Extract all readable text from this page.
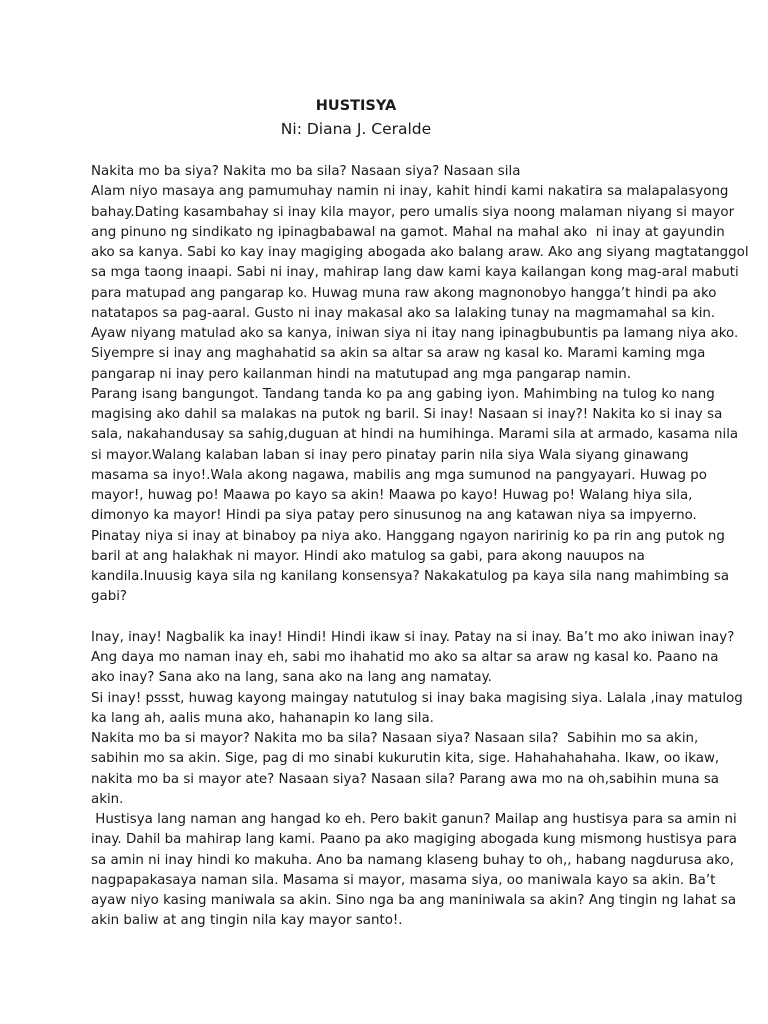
HUSTISYA
Ni: Diana J. Ceralde
Nakita mo ba siya? Nakita mo ba sila? Nasaan siya? Nasaan sila
Alam niyo masaya ang pamumuhay namin ni inay, kahit hindi kami nakatira sa malapalasyong
bahay.Dating kasambahay si inay kila mayor, pero umalis siya noong malaman niyang si mayor
ang pinuno ng sindikato ng ipinagbabawal na gamot. Mahal na mahal ako  ni inay at gayundin
ako sa kanya. Sabi ko kay inay magiging abogada ako balang araw. Ako ang siyang magtatanggol
sa mga taong inaapi. Sabi ni inay, mahirap lang daw kami kaya kailangan kong mag-aral mabuti
para matupad ang pangarap ko. Huwag muna raw akong magnonobyo hangga’t hindi pa ako
natatapos sa pag-aaral. Gusto ni inay makasal ako sa lalaking tunay na magmamahal sa kin.
Ayaw niyang matulad ako sa kanya, iniwan siya ni itay nang ipinagbubuntis pa lamang niya ako.
Siyempre si inay ang maghahatid sa akin sa altar sa araw ng kasal ko. Marami kaming mga
pangarap ni inay pero kailanman hindi na matutupad ang mga pangarap namin.
Parang isang bangungot. Tandang tanda ko pa ang gabing iyon. Mahimbing na tulog ko nang
magising ako dahil sa malakas na putok ng baril. Si inay! Nasaan si inay?! Nakita ko si inay sa
sala, nakahandusay sa sahig,duguan at hindi na humihinga. Marami sila at armado, kasama nila
si mayor.Walang kalaban laban si inay pero pinatay parin nila siya Wala siyang ginawang
masama sa inyo!.Wala akong nagawa, mabilis ang mga sumunod na pangyayari. Huwag po
mayor!, huwag po! Maawa po kayo sa akin! Maawa po kayo! Huwag po! Walang hiya sila,
dimonyo ka mayor! Hindi pa siya patay pero sinusunog na ang katawan niya sa impyerno.
Pinatay niya si inay at binaboy pa niya ako. Hanggang ngayon naririnig ko pa rin ang putok ng
baril at ang halakhak ni mayor. Hindi ako matulog sa gabi, para akong nauupos na
kandila.Inuusig kaya sila ng kanilang konsensya? Nakakatulog pa kaya sila nang mahimbing sa
gabi?
Inay, inay! Nagbalik ka inay! Hindi! Hindi ikaw si inay. Patay na si inay. Ba’t mo ako iniwan inay?
Ang daya mo naman inay eh, sabi mo ihahatid mo ako sa altar sa araw ng kasal ko. Paano na
ako inay? Sana ako na lang, sana ako na lang ang namatay.
Si inay! pssst, huwag kayong maingay natutulog si inay baka magising siya. Lalala ,inay matulog
ka lang ah, aalis muna ako, hahanapin ko lang sila.
Nakita mo ba si mayor? Nakita mo ba sila? Nasaan siya? Nasaan sila?  Sabihin mo sa akin,
sabihin mo sa akin. Sige, pag di mo sinabi kukurutin kita, sige. Hahahahahaha. Ikaw, oo ikaw,
nakita mo ba si mayor ate? Nasaan siya? Nasaan sila? Parang awa mo na oh,sabihin muna sa
akin.
Hustisya lang naman ang hangad ko eh. Pero bakit ganun? Mailap ang hustisya para sa amin ni
inay. Dahil ba mahirap lang kami. Paano pa ako magiging abogada kung mismong hustisya para
sa amin ni inay hindi ko makuha. Ano ba namang klaseng buhay to oh,, habang nagdurusa ako,
nagpapakasaya naman sila. Masama si mayor, masama siya, oo maniwala kayo sa akin. Ba’t
ayaw niyo kasing maniwala sa akin. Sino nga ba ang maniniwala sa akin? Ang tingin ng lahat sa
akin baliw at ang tingin nila kay mayor santo!.
